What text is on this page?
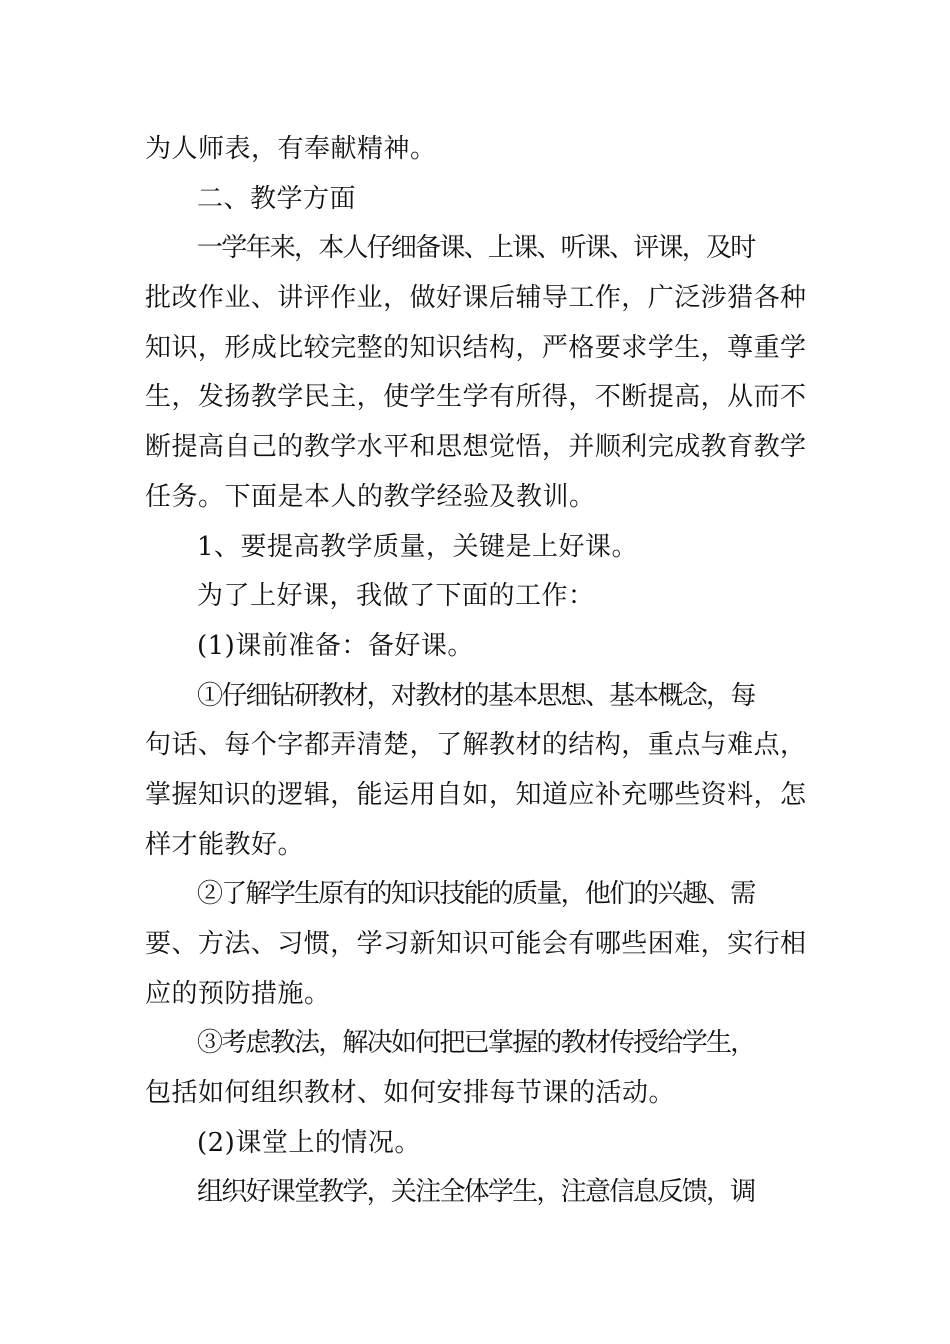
为人师表，有奉献精神。
二、教学方面
一学年来，本人仔细备课、上课、听课、评课，及时
批改作业、讲评作业，做好课后辅导工作，广泛涉猎各种
知识，形成比较完整的知识结构，严格要求学生，尊重学
生，发扬教学民主，使学生学有所得，不断提高，从而不
断提高自己的教学水平和思想觉悟，并顺利完成教育教学
任务。下面是本人的教学经验及教训。
1、要提高教学质量，关键是上好课。
为了上好课，我做了下面的工作：
(1)课前准备：备好课。
①仔细钻研教材，对教材的基本思想、基本概念，每
句话、每个字都弄清楚，了解教材的结构，重点与难点，
掌握知识的逻辑，能运用自如，知道应补充哪些资料，怎
样才能教好。
②了解学生原有的知识技能的质量，他们的兴趣、需
要、方法、习惯，学习新知识可能会有哪些困难，实行相
应的预防措施。
③考虑教法，解决如何把已掌握的教材传授给学生，
包括如何组织教材、如何安排每节课的活动。
(2)课堂上的情况。
组织好课堂教学，关注全体学生，注意信息反馈，调
